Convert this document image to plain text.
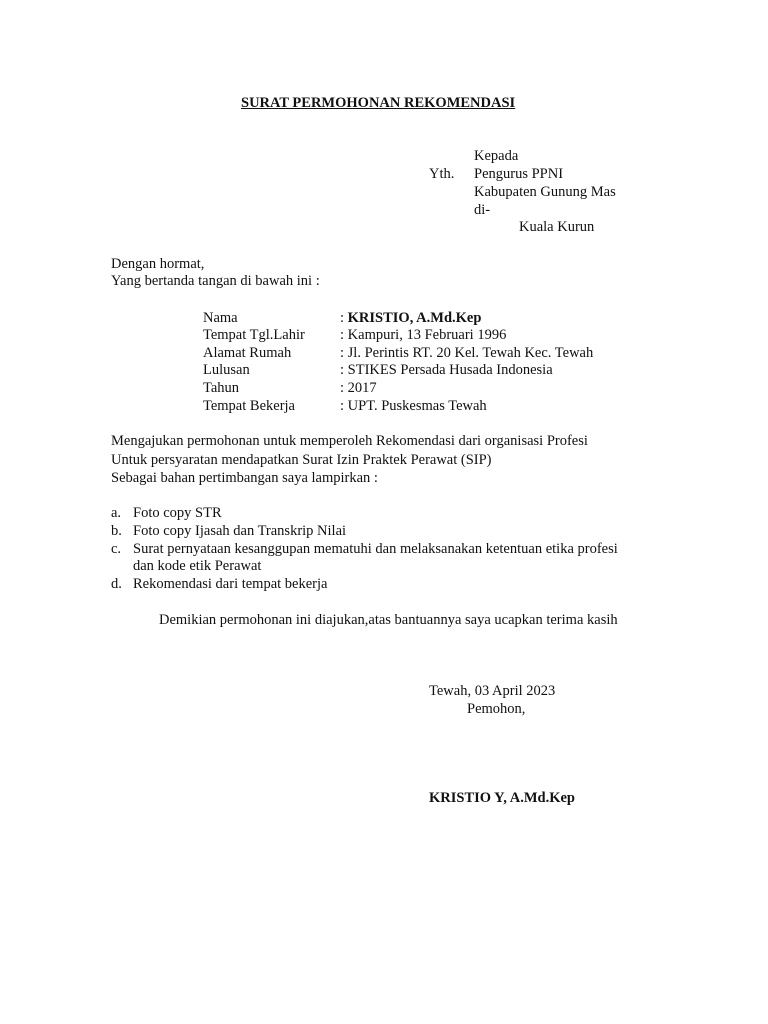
SURAT PERMOHONAN REKOMENDASI
Kepada
Yth. Pengurus PPNI
Kabupaten Gunung Mas
di-
Kuala Kurun
Dengan hormat,
Yang bertanda tangan di bawah ini :
Nama	: KRISTIO, A.Md.Kep
Tempat Tgl.Lahir : Kampuri, 13 Februari 1996
Alamat Rumah	: Jl. Perintis RT. 20 Kel. Tewah Kec. Tewah
Lulusan	: STIKES Persada Husada Indonesia
Tahun	: 2017
Tempat Bekerja	: UPT. Puskesmas Tewah
Mengajukan permohonan untuk memperoleh Rekomendasi dari organisasi Profesi
Untuk persyaratan mendapatkan Surat Izin Praktek Perawat (SIP)
Sebagai bahan pertimbangan saya lampirkan :
a. Foto copy STR
b. Foto copy Ijasah dan Transkrip Nilai
c. Surat pernyataan kesanggupan mematuhi dan melaksanakan ketentuan etika profesi
dan kode etik Perawat
d. Rekomendasi dari tempat bekerja
Demikian permohonan ini diajukan,atas bantuannya saya ucapkan terima kasih
Tewah, 03 April 2023
Pemohon,
KRISTIO Y, A.Md.Kep
